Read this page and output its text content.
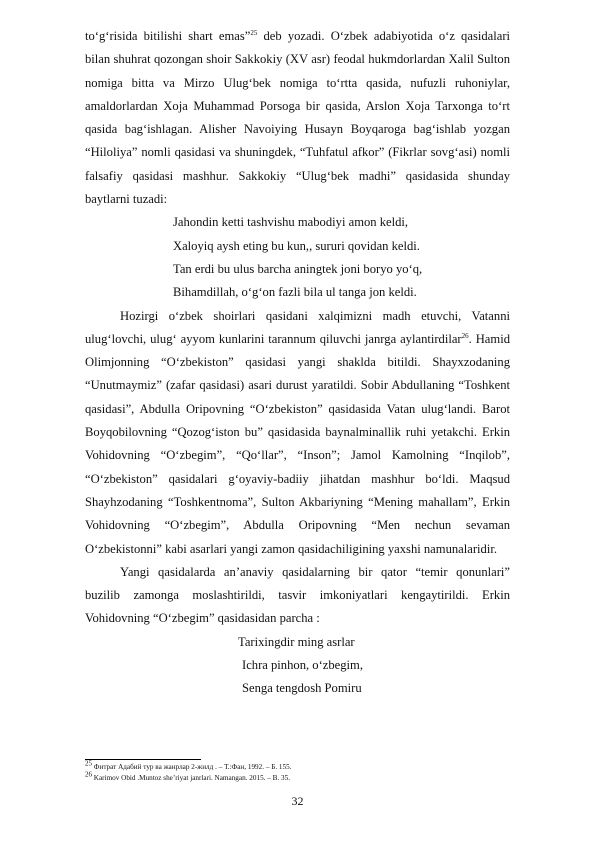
to‘g‘risida bitilishi shart emas”$^{25}$ deb yozadi. O‘zbek adabiyotida o‘z qasidalari bilan shuhrat qozongan shoir Sakkokiy (XV asr) feodal hukmdorlardan Xalil Sulton nomiga bitta va Mirzo Ulug‘bek nomiga to‘rtta qasida, nufuzli ruhoniylar, amaldorlardan Xoja Muhammad Porsoga bir qasida, Arslon Xoja Tarxonga to‘rt qasida bag‘ishlagan. Alisher Navoiying Husayn Boyqaroga bag‘ishlab yozgan “Hiloliya” nomli qasidasi va shuningdek, “Tuhfatul afkor” (Fikrlar sovg‘asi) nomli falsafiy qasidasi mashhur. Sakkokiy “Ulug‘bek madhi” qasidasida shunday baytlarni tuzadi:

Jahondin ketti tashvishu mabodiyi amon keldi,
Xaloyiq aysh eting bu kun,, sururi qovidan keldi.
Tan erdi bu ulus barcha aningtek joni boryo yo‘q,
Bihamdillah, o‘g‘on fazli bila ul tanga jon keldi.

Hozirgi o‘zbek shoirlari qasidani xalqimizni madh etuvchi, Vatanni ulug‘lovchi, ulug‘ ayyom kunlarini tarannum qiluvchi janrga aylantirdilar$^{26}$. Hamid Olimjonning “O‘zbekiston” qasidasi yangi shaklda bitildi. Shayxzodaning “Unutmaymiz” (zafar qasidasi) asari durust yaratildi. Sobir Abdullaning “Toshkent qasidasi”, Abdulla Oripovning “O‘zbekiston” qasidasida Vatan ulug‘landi. Barot Boyqobilovning “Qozog‘iston bu” qasidasida baynalminallik ruhi yetakchi. Erkin Vohidovning “O‘zbegim”, “Qo‘llar”, “Inson”; Jamol Kamolning “Inqilob”, “O‘zbekiston” qasidalari g‘oyaviy-badiiy jihatdan mashhur bo‘ldi. Maqsud Shayhzodaning “Toshkentnoma”, Sulton Akbariyning “Mening mahallam”, Erkin Vohidovning “O‘zbegim”, Abdulla Oripovning “Men nechun sevaman O‘zbekistonni” kabi asarlari yangi zamon qasidachiligining yaxshi namunalaridir.

Yangi qasidalarda an’anaviy qasidalarning bir qator “temir qonunlari” buzilib zamonga moslashtirildi, tasvir imkoniyatlari kengaytirildi. Erkin Vohidovning “O‘zbegim” qasidasidan parcha :

Tarixingdir ming asrlar
Ichra pinhon, o‘zbegim,
Senga tengdosh Pomiru
$^{25}$ Фитрат Адабий тур ва жанрлар 2-жилд . – Т.:Фан, 1992. – Б. 155.
$^{26}$ Karimov Obid .Muntoz she’riyat janrlari. Namangan. 2015. – B. 35.
32
